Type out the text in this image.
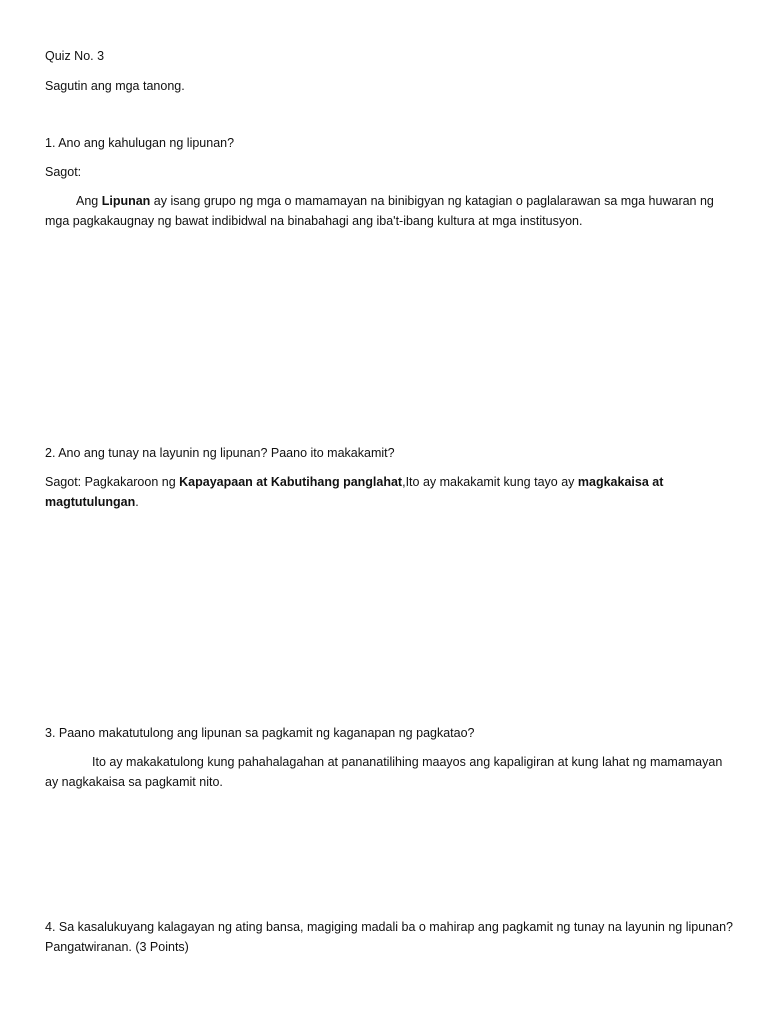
Quiz No. 3
Sagutin ang mga tanong.
1. Ano ang kahulugan ng lipunan?
Sagot:

Ang Lipunan ay isang grupo ng mga o mamamayan na binibigyan ng katagian o paglalarawan sa mga huwaran ng mga pagkakaugnay ng bawat indibidwal na binabahagi ang iba't-ibang kultura at mga institusyon.

2. Ano ang tunay na layunin ng lipunan? Paano ito makakamit?

Sagot: Pagkakaroon ng Kapayapaan at Kabutihang panglahat,Ito ay makakamit kung tayo ay magkakaisa at magtutulungan.

3. Paano makatutulong ang lipunan sa pagkamit ng kaganapan ng pagkatao?

Ito ay makakatulong kung pahahalagahan at pananatilihing maayos ang kapaligiran at kung lahat ng mamamayan ay nagkakaisa sa pagkamit nito.

4. Sa kasalukuyang kalagayan ng ating bansa, magiging madali ba o mahirap ang pagkamit ng tunay na layunin ng lipunan? Pangatwiranan. (3 Points)
